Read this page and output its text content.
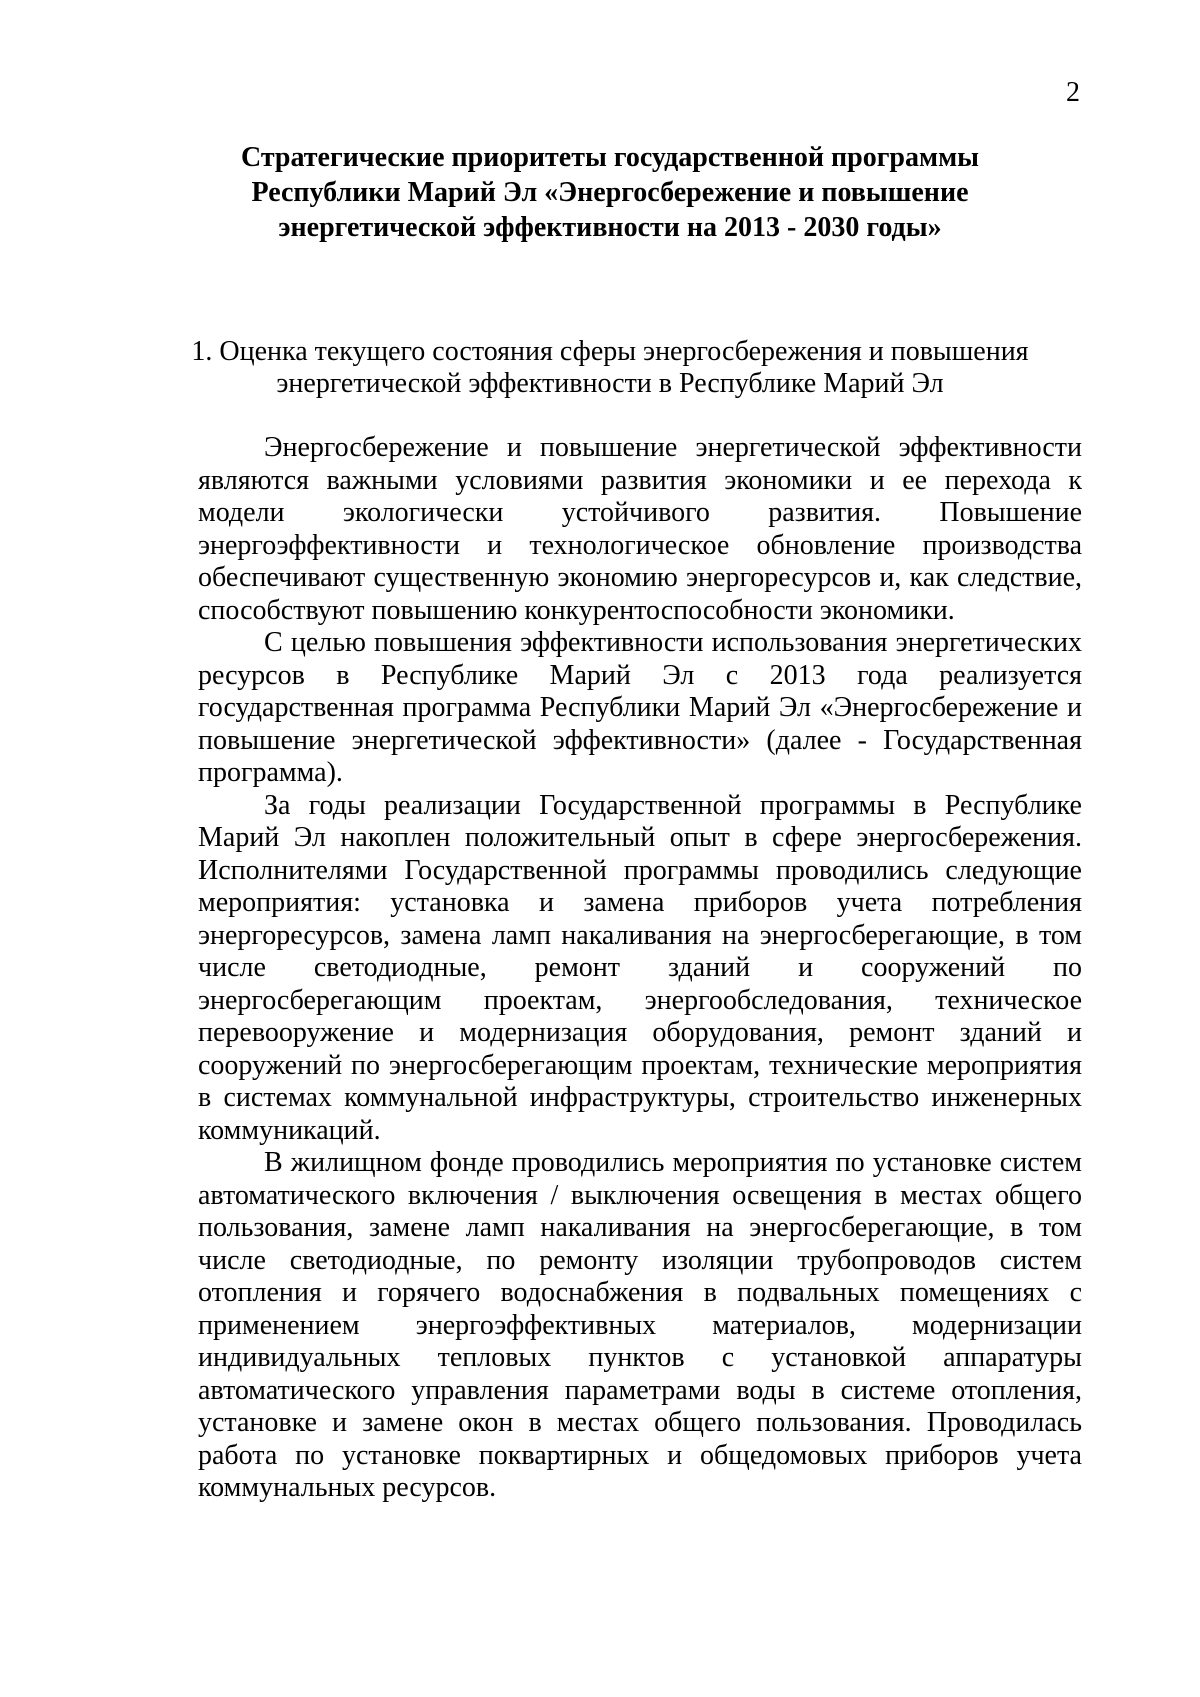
2
Стратегические приоритеты государственной программы
Республики Марий Эл «Энергосбережение и повышение
энергетической эффективности на 2013 - 2030 годы»
1. Оценка текущего состояния сферы энергосбережения и повышения
энергетической эффективности в Республике Марий Эл

Энергосбережение и повышение энергетической эффективности являются важными условиями развития экономики и ее перехода к модели экологически устойчивого развития. Повышение энергоэффективности и технологическое обновление производства обеспечивают существенную экономию энергоресурсов и, как следствие, способствуют повышению конкурентоспособности экономики.

С целью повышения эффективности использования энергетических ресурсов в Республике Марий Эл с 2013 года реализуется государственная программа Республики Марий Эл «Энергосбережение и повышение энергетической эффективности» (далее - Государственная программа).

За годы реализации Государственной программы в Республике Марий Эл накоплен положительный опыт в сфере энергосбережения. Исполнителями Государственной программы проводились следующие мероприятия: установка и замена приборов учета потребления энергоресурсов, замена ламп накаливания на энергосберегающие, в том числе светодиодные, ремонт зданий и сооружений по энергосберегающим проектам, энергообследования, техническое перевооружение и модернизация оборудования, ремонт зданий и сооружений по энергосберегающим проектам, технические мероприятия в системах коммунальной инфраструктуры, строительство инженерных коммуникаций.

В жилищном фонде проводились мероприятия по установке систем автоматического включения / выключения освещения в местах общего пользования, замене ламп накаливания на энергосберегающие, в том числе светодиодные, по ремонту изоляции трубопроводов систем отопления и горячего водоснабжения в подвальных помещениях с применением энергоэффективных материалов, модернизации индивидуальных тепловых пунктов с установкой аппаратуры автоматического управления параметрами воды в системе отопления, установке и замене окон в местах общего пользования. Проводилась работа по установке поквартирных и общедомовых приборов учета коммунальных ресурсов.
